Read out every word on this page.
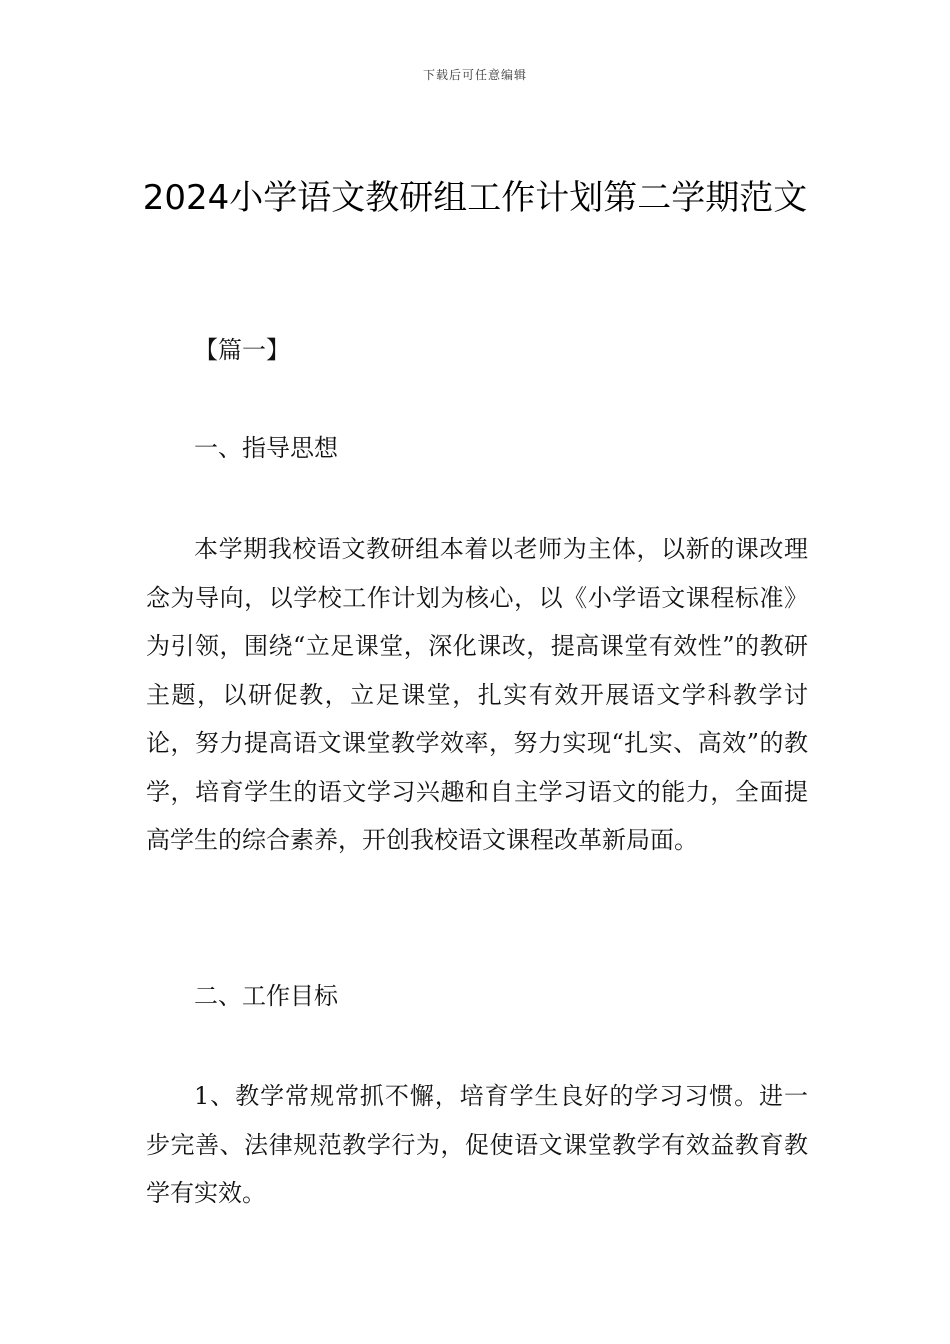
下载后可任意编辑
2024小学语文教研组工作计划第二学期范文

【篇一】

一、指导思想

本学期我校语文教研组本着以老师为主体，以新的课改理念为导向，以学校工作计划为核心，以《小学语文课程标准》为引领，围绕“立足课堂，深化课改，提高课堂有效性”的教研主题，以研促教，立足课堂，扎实有效开展语文学科教学讨论，努力提高语文课堂教学效率，努力实现“扎实、高效”的教学，培育学生的语文学习兴趣和自主学习语文的能力，全面提高学生的综合素养，开创我校语文课程改革新局面。

二、工作目标

1、教学常规常抓不懈，培育学生良好的学习习惯。进一步完善、法律规范教学行为，促使语文课堂教学有效益教育教学有实效。
